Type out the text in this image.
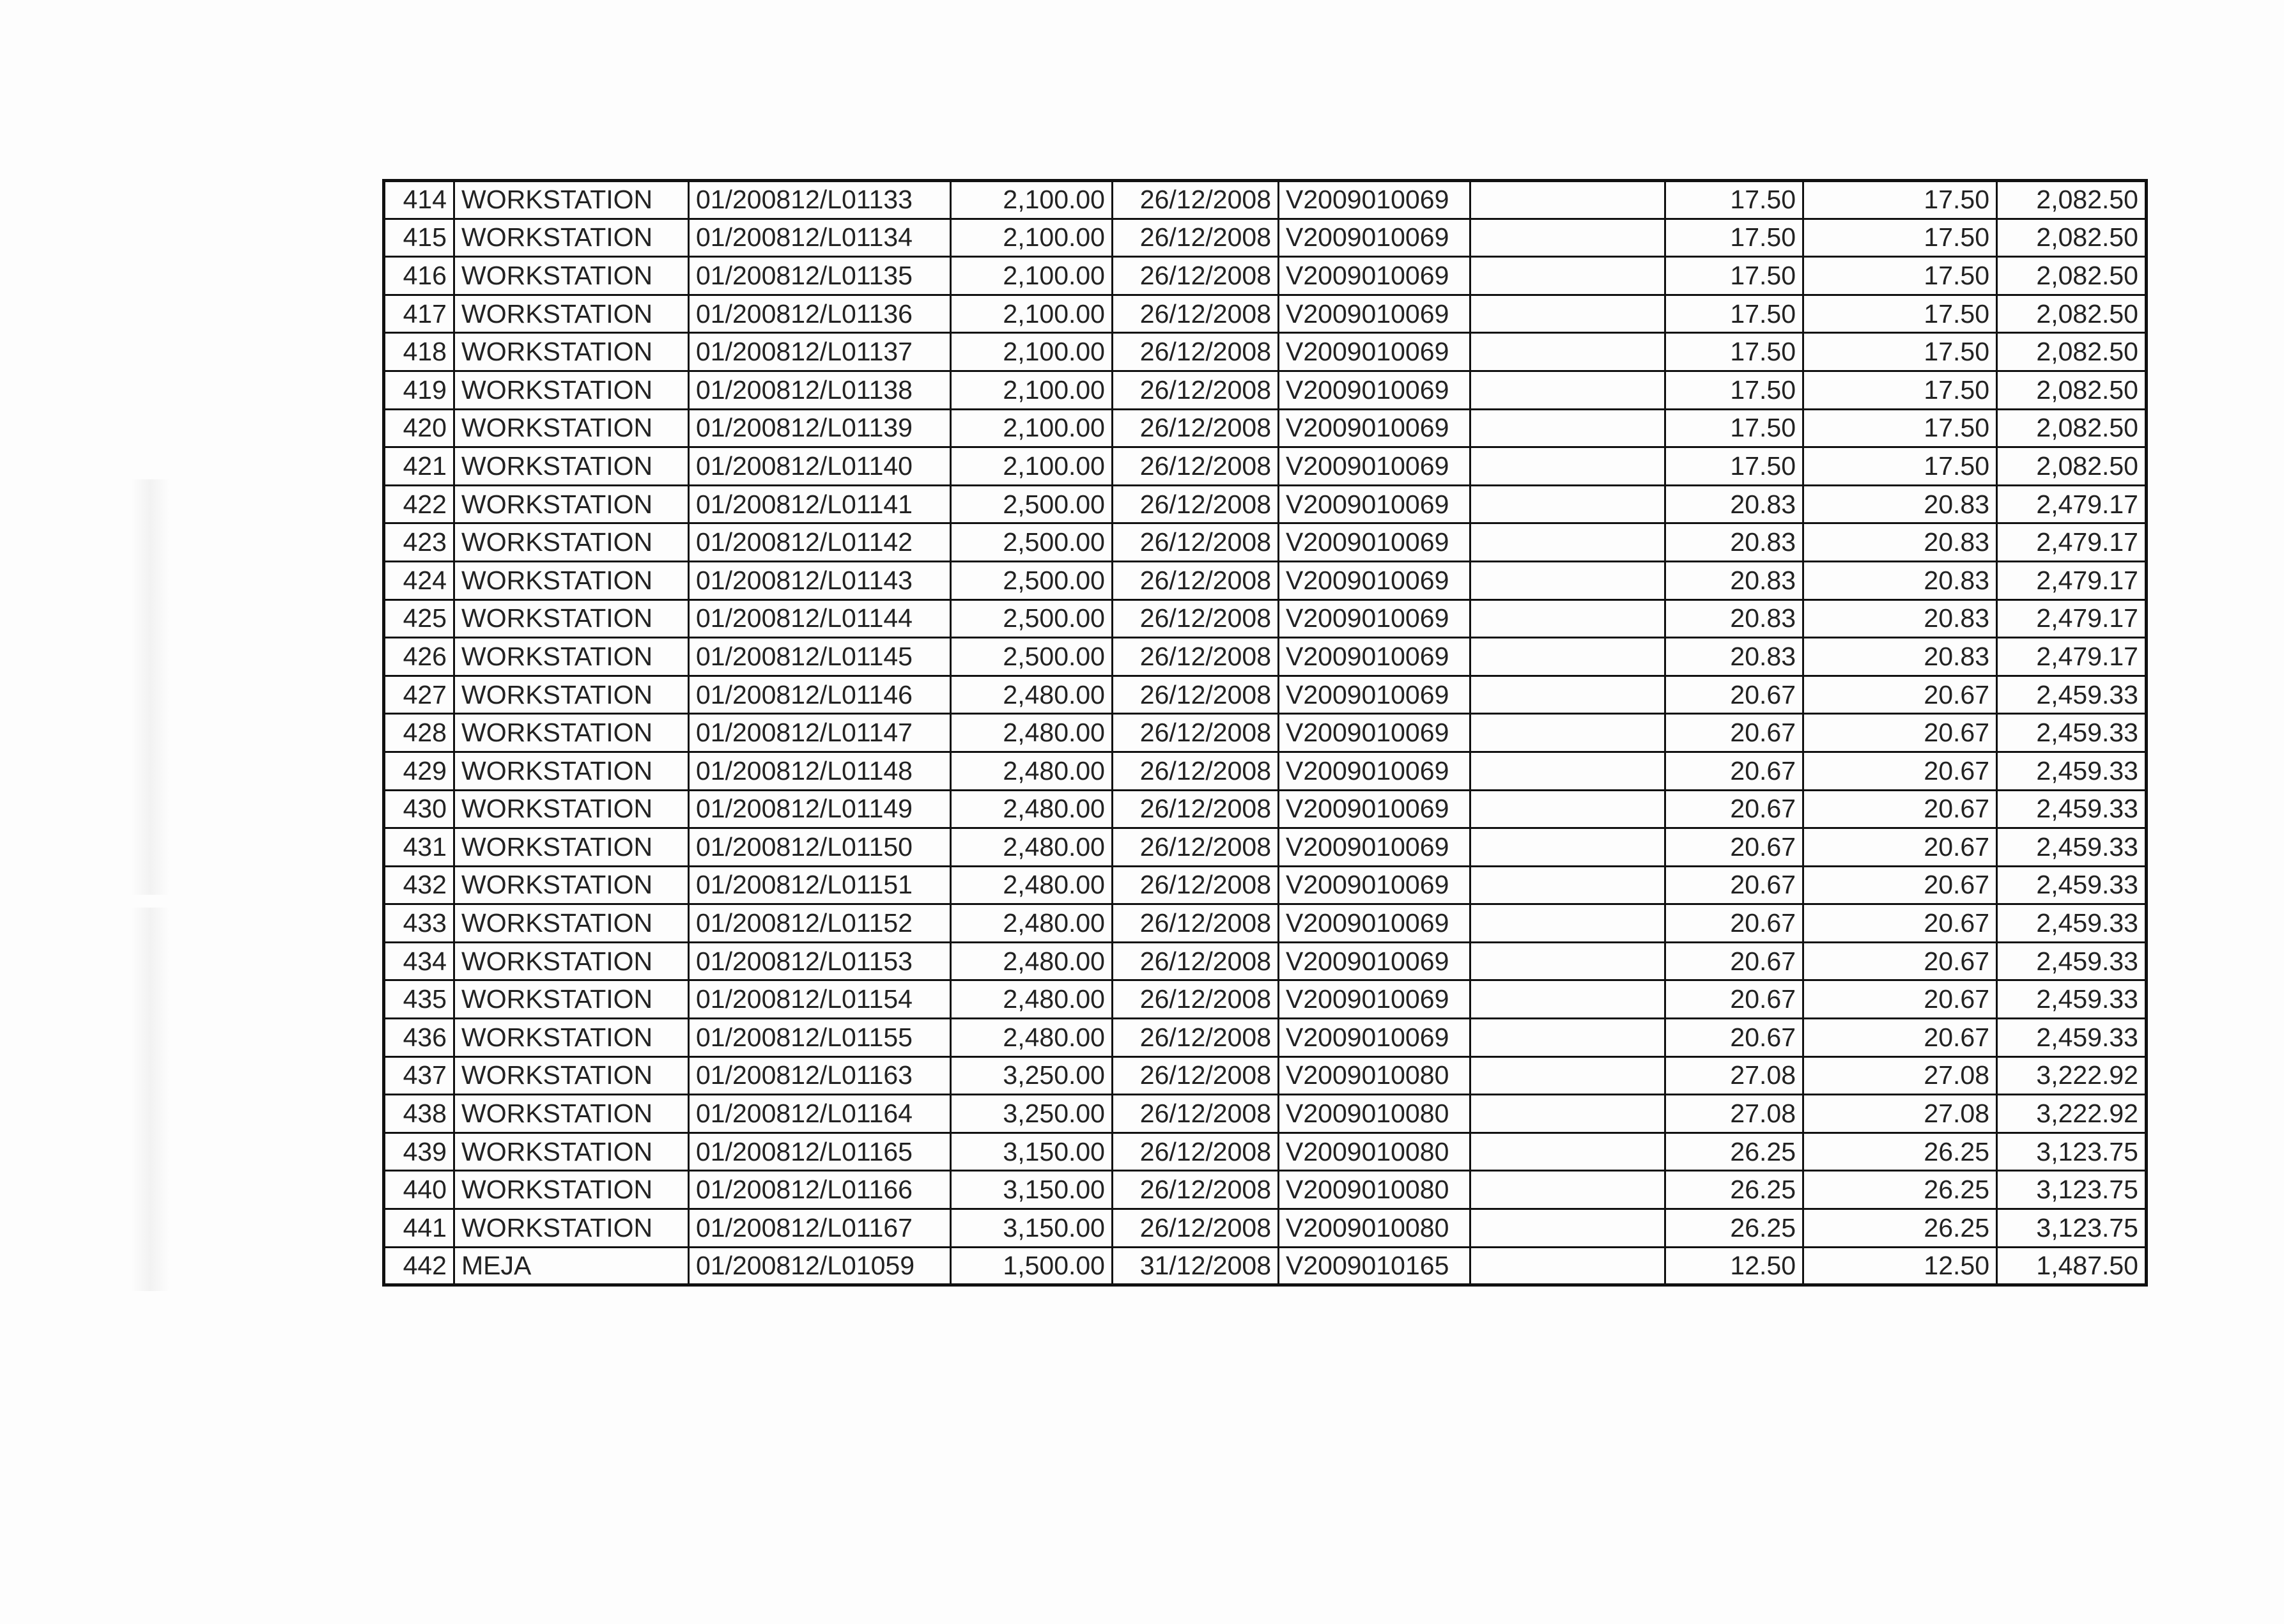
414	WORKSTATION	01/200812/L01133	2,100.00	26/12/2008	V2009010069		17.50	17.50	2,082.50
415	WORKSTATION	01/200812/L01134	2,100.00	26/12/2008	V2009010069		17.50	17.50	2,082.50
416	WORKSTATION	01/200812/L01135	2,100.00	26/12/2008	V2009010069		17.50	17.50	2,082.50
417	WORKSTATION	01/200812/L01136	2,100.00	26/12/2008	V2009010069		17.50	17.50	2,082.50
418	WORKSTATION	01/200812/L01137	2,100.00	26/12/2008	V2009010069		17.50	17.50	2,082.50
419	WORKSTATION	01/200812/L01138	2,100.00	26/12/2008	V2009010069		17.50	17.50	2,082.50
420	WORKSTATION	01/200812/L01139	2,100.00	26/12/2008	V2009010069		17.50	17.50	2,082.50
421	WORKSTATION	01/200812/L01140	2,100.00	26/12/2008	V2009010069		17.50	17.50	2,082.50
422	WORKSTATION	01/200812/L01141	2,500.00	26/12/2008	V2009010069		20.83	20.83	2,479.17
423	WORKSTATION	01/200812/L01142	2,500.00	26/12/2008	V2009010069		20.83	20.83	2,479.17
424	WORKSTATION	01/200812/L01143	2,500.00	26/12/2008	V2009010069		20.83	20.83	2,479.17
425	WORKSTATION	01/200812/L01144	2,500.00	26/12/2008	V2009010069		20.83	20.83	2,479.17
426	WORKSTATION	01/200812/L01145	2,500.00	26/12/2008	V2009010069		20.83	20.83	2,479.17
427	WORKSTATION	01/200812/L01146	2,480.00	26/12/2008	V2009010069		20.67	20.67	2,459.33
428	WORKSTATION	01/200812/L01147	2,480.00	26/12/2008	V2009010069		20.67	20.67	2,459.33
429	WORKSTATION	01/200812/L01148	2,480.00	26/12/2008	V2009010069		20.67	20.67	2,459.33
430	WORKSTATION	01/200812/L01149	2,480.00	26/12/2008	V2009010069		20.67	20.67	2,459.33
431	WORKSTATION	01/200812/L01150	2,480.00	26/12/2008	V2009010069		20.67	20.67	2,459.33
432	WORKSTATION	01/200812/L01151	2,480.00	26/12/2008	V2009010069		20.67	20.67	2,459.33
433	WORKSTATION	01/200812/L01152	2,480.00	26/12/2008	V2009010069		20.67	20.67	2,459.33
434	WORKSTATION	01/200812/L01153	2,480.00	26/12/2008	V2009010069		20.67	20.67	2,459.33
435	WORKSTATION	01/200812/L01154	2,480.00	26/12/2008	V2009010069		20.67	20.67	2,459.33
436	WORKSTATION	01/200812/L01155	2,480.00	26/12/2008	V2009010069		20.67	20.67	2,459.33
437	WORKSTATION	01/200812/L01163	3,250.00	26/12/2008	V2009010080		27.08	27.08	3,222.92
438	WORKSTATION	01/200812/L01164	3,250.00	26/12/2008	V2009010080		27.08	27.08	3,222.92
439	WORKSTATION	01/200812/L01165	3,150.00	26/12/2008	V2009010080		26.25	26.25	3,123.75
440	WORKSTATION	01/200812/L01166	3,150.00	26/12/2008	V2009010080		26.25	26.25	3,123.75
441	WORKSTATION	01/200812/L01167	3,150.00	26/12/2008	V2009010080		26.25	26.25	3,123.75
442	MEJA	01/200812/L01059	1,500.00	31/12/2008	V2009010165		12.50	12.50	1,487.50
